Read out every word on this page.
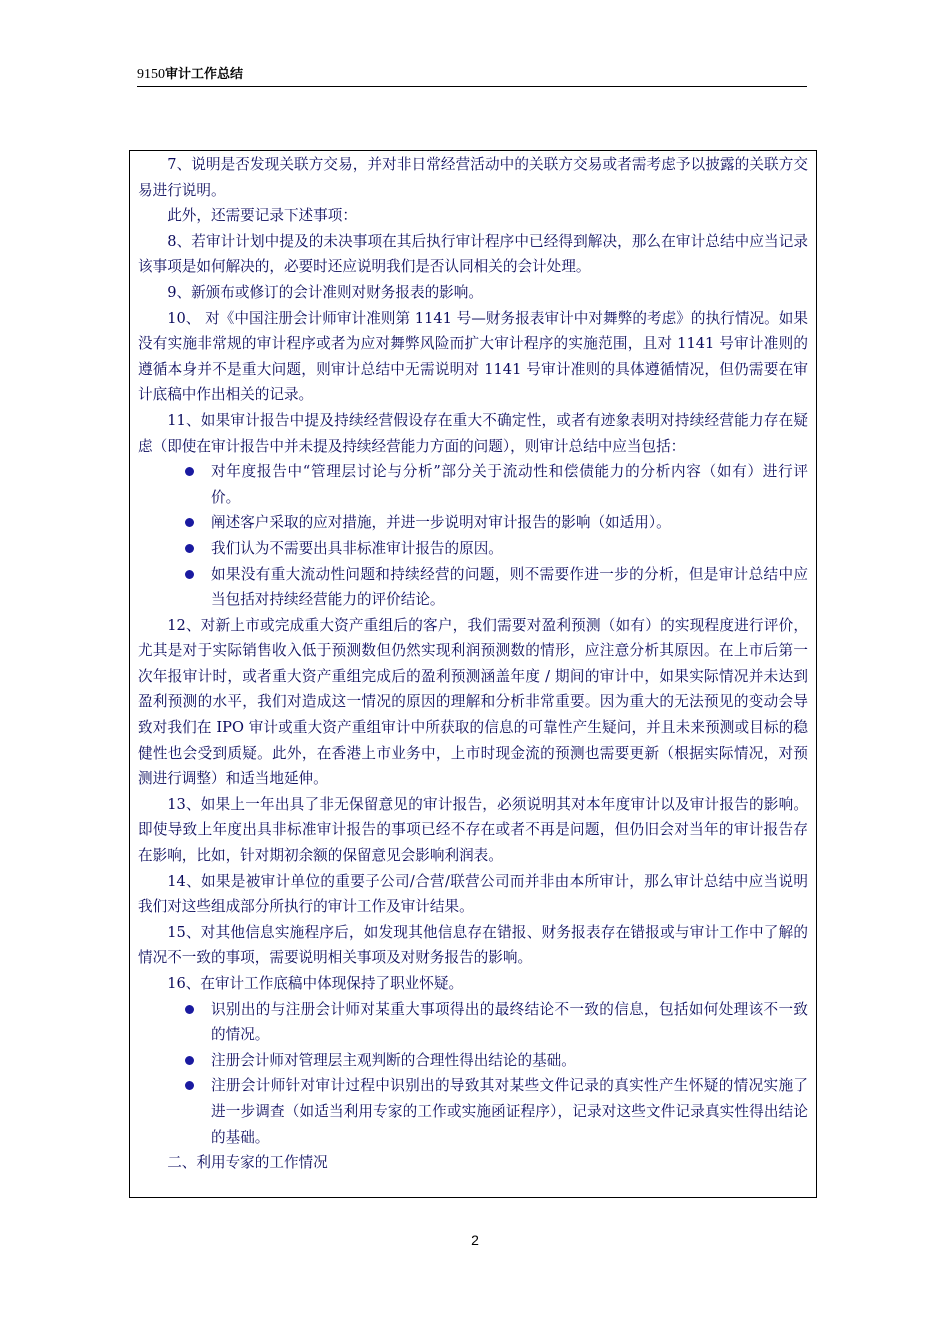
9150审计工作总结

7、说明是否发现关联方交易，并对非日常经营活动中的关联方交易或者需考虑予以披露的关联方交易进行说明。

此外，还需要记录下述事项：

8、若审计计划中提及的未决事项在其后执行审计程序中已经得到解决，那么在审计总结中应当记录该事项是如何解决的，必要时还应说明我们是否认同相关的会计处理。

9、新颁布或修订的会计准则对财务报表的影响。

10、 对《中国注册会计师审计准则第 1141 号—财务报表审计中对舞弊的考虑》的执行情况。如果没有实施非常规的审计程序或者为应对舞弊风险而扩大审计程序的实施范围，且对 1141 号审计准则的遵循本身并不是重大问题，则审计总结中无需说明对 1141 号审计准则的具体遵循情况，但仍需要在审计底稿中作出相关的记录。

11、如果审计报告中提及持续经营假设存在重大不确定性，或者有迹象表明对持续经营能力存在疑虑（即使在审计报告中并未提及持续经营能力方面的问题），则审计总结中应当包括：

对年度报告中“管理层讨论与分析”部分关于流动性和偿债能力的分析内容（如有）进行评价。
阐述客户采取的应对措施，并进一步说明对审计报告的影响（如适用）。
我们认为不需要出具非标准审计报告的原因。
如果没有重大流动性问题和持续经营的问题，则不需要作进一步的分析，但是审计总结中应当包括对持续经营能力的评价结论。

12、对新上市或完成重大资产重组后的客户，我们需要对盈利预测（如有）的实现程度进行评价，尤其是对于实际销售收入低于预测数但仍然实现利润预测数的情形，应注意分析其原因。在上市后第一次年报审计时，或者重大资产重组完成后的盈利预测涵盖年度 / 期间的审计中，如果实际情况并未达到盈利预测的水平，我们对造成这一情况的原因的理解和分析非常重要。因为重大的无法预见的变动会导致对我们在 IPO 审计或重大资产重组审计中所获取的信息的可靠性产生疑问，并且未来预测或目标的稳健性也会受到质疑。此外，在香港上市业务中，上市时现金流的预测也需要更新（根据实际情况，对预测进行调整）和适当地延伸。

13、如果上一年出具了非无保留意见的审计报告，必须说明其对本年度审计以及审计报告的影响。即使导致上年度出具非标准审计报告的事项已经不存在或者不再是问题，但仍旧会对当年的审计报告存在影响，比如，针对期初余额的保留意见会影响利润表。

14、如果是被审计单位的重要子公司/合营/联营公司而并非由本所审计，那么审计总结中应当说明我们对这些组成部分所执行的审计工作及审计结果。

15、对其他信息实施程序后，如发现其他信息存在错报、财务报表存在错报或与审计工作中了解的情况不一致的事项，需要说明相关事项及对财务报告的影响。

16、在审计工作底稿中体现保持了职业怀疑。

识别出的与注册会计师对某重大事项得出的最终结论不一致的信息，包括如何处理该不一致的情况。
注册会计师对管理层主观判断的合理性得出结论的基础。
注册会计师针对审计过程中识别出的导致其对某些文件记录的真实性产生怀疑的情况实施了进一步调查（如适当利用专家的工作或实施函证程序），记录对这些文件记录真实性得出结论的基础。

二、利用专家的工作情况

2
